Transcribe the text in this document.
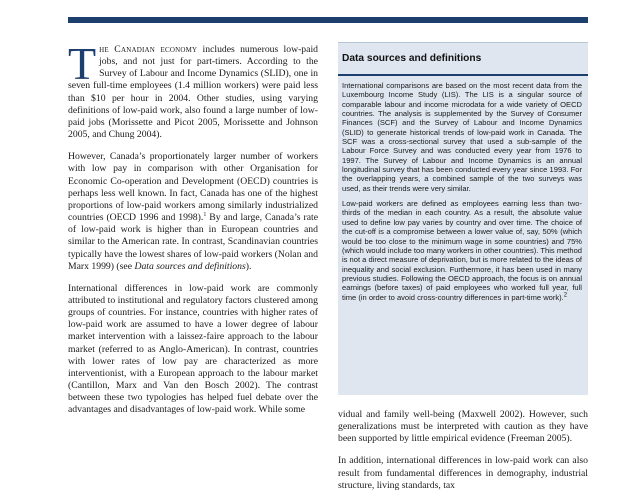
The Canadian economy includes numerous low-paid jobs, and not just for part-timers. According to the Survey of Labour and Income Dynamics (SLID), one in seven full-time employees (1.4 million workers) were paid less than $10 per hour in 2004. Other studies, using varying definitions of low-paid work, also found a large number of low-paid jobs (Morissette and Picot 2005, Morissette and Johnson 2005, and Chung 2004).

However, Canada’s proportionately larger number of workers with low pay in comparison with other Organisation for Economic Co-operation and Development (OECD) countries is perhaps less well known. In fact, Canada has one of the highest proportions of low-paid workers among similarly industrialized countries (OECD 1996 and 1998).$^1$ By and large, Canada’s rate of low-paid work is higher than in European countries and similar to the American rate. In contrast, Scandinavian countries typically have the lowest shares of low-paid workers (Nolan and Marx 1999) (see Data sources and definitions).

International differences in low-paid work are commonly attributed to institutional and regulatory factors clustered among groups of countries. For instance, countries with higher rates of low-paid work are assumed to have a lower degree of labour market intervention with a laissez-faire approach to the labour market (referred to as Anglo-American). In contrast, countries with lower rates of low pay are characterized as more interventionist, with a European approach to the labour market (Cantillon, Marx and Van den Bosch 2002). The contrast between these two typologies has helped fuel debate over the advantages and disadvantages of low-paid work. While some

Data sources and definitions

International comparisons are based on the most recent data from the Luxembourg Income Study (LIS). The LIS is a singular source of comparable labour and income microdata for a wide variety of OECD countries. The analysis is supplemented by the Survey of Consumer Finances (SCF) and the Survey of Labour and Income Dynamics (SLID) to generate historical trends of low-paid work in Canada. The SCF was a cross-sectional survey that used a sub-sample of the Labour Force Survey and was conducted every year from 1976 to 1997. The Survey of Labour and Income Dynamics is an annual longitudinal survey that has been conducted every year since 1993. For the overlapping years, a combined sample of the two surveys was used, as their trends were very similar.

Low-paid workers are defined as employees earning less than two-thirds of the median in each country. As a result, the absolute value used to define low pay varies by country and over time. The choice of the cut-off is a compromise between a lower value of, say, 50% (which would be too close to the minimum wage in some countries) and 75% (which would include too many workers in other countries). This method is not a direct measure of deprivation, but is more related to the ideas of inequality and social exclusion. Furthermore, it has been used in many previous studies. Following the OECD approach, the focus is on annual earnings (before taxes) of paid employees who worked full year, full time (in order to avoid cross-country differences in part-time work).$^2$

vidual and family well-being (Maxwell 2002). However, such generalizations must be interpreted with caution as they have been supported by little empirical evidence (Freeman 2005).

In addition, international differences in low-paid work can also result from fundamental differences in demography, industrial structure, living standards, tax
